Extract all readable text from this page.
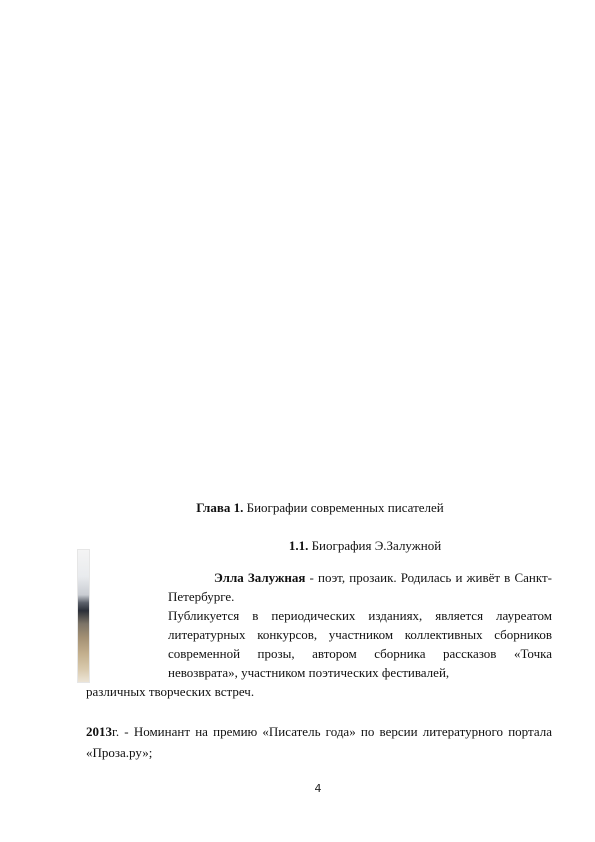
Глава 1. Биографии современных писателей

1.1. Биография Э.Залужной

Элла Залужная - поэт, прозаик. Родилась и живёт в Санкт-Петербурге.
Публикуется в периодических изданиях, является лауреатом литературных конкурсов, участником коллективных сборников современной прозы, автором сборника рассказов «Точка невозврата», участником поэтических фестивалей,
различных творческих встреч.

2013г. - Номинант на премию «Писатель года» по версии литературного портала «Проза.ру»;

4
